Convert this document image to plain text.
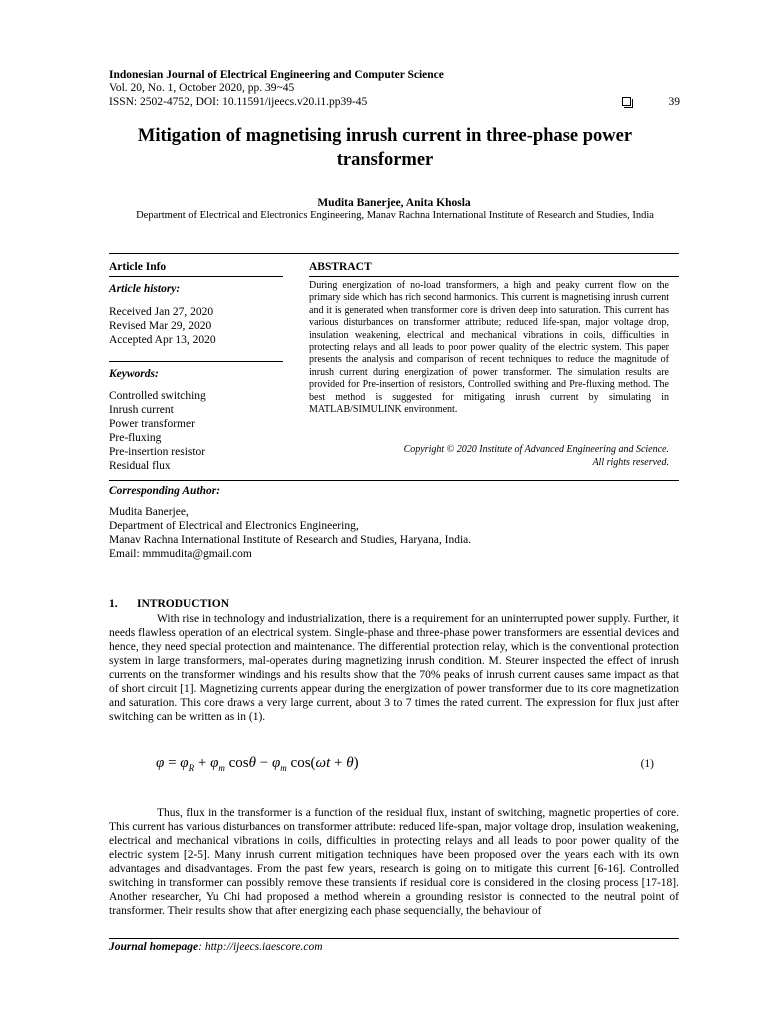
Indonesian Journal of Electrical Engineering and Computer Science
Vol. 20, No. 1, October 2020, pp. 39~45
ISSN: 2502-4752, DOI: 10.11591/ijeecs.v20.i1.pp39-45	39
Mitigation of magnetising inrush current in three-phase power transformer
Mudita Banerjee, Anita Khosla
Department of Electrical and Electronics Engineering, Manav Rachna International Institute of Research and Studies, India
Article Info
Article history:
Received Jan 27, 2020
Revised Mar 29, 2020
Accepted Apr 13, 2020
Keywords:
Controlled switching
Inrush current
Power transformer
Pre-fluxing
Pre-insertion resistor
Residual flux
ABSTRACT
During energization of no-load transformers, a high and peaky current flow on the primary side which has rich second harmonics. This current is magnetising inrush current and it is generated when transformer core is driven deep into saturation. This current has various disturbances on transformer attribute; reduced life-span, major voltage drop, insulation weakening, electrical and mechanical vibrations in coils, difficulties in protecting relays and all leads to poor power quality of the electric system. This paper presents the analysis and comparison of recent techniques to reduce the magnitude of inrush current during energization of power transformer. The simulation results are provided for Pre-insertion of resistors, Controlled swithing and Pre-fluxing method. The best method is suggested for mitigating inrush current by simulating in MATLAB/SIMULINK environment.
Copyright © 2020 Institute of Advanced Engineering and Science.
All rights reserved.
Corresponding Author:
Mudita Banerjee,
Department of Electrical and Electronics Engineering,
Manav Rachna International Institute of Research and Studies, Haryana, India.
Email: mmmudita@gmail.com
1. INTRODUCTION
With rise in technology and industrialization, there is a requirement for an uninterrupted power supply. Further, it needs flawless operation of an electrical system. Single-phase and three-phase power transformers are essential devices and hence, they need special protection and maintenance. The differential protection relay, which is the conventional protection system in large transformers, mal-operates during magnetizing inrush condition. M. Steurer inspected the effect of inrush currents on the transformer windings and his results show that the 70% peaks of inrush current causes same impact as that of short circuit [1]. Magnetizing currents appear during the energization of power transformer due to its core magnetization and saturation. This core draws a very large current, about 3 to 7 times the rated current. The expression for flux just after switching can be written as in (1).
$\varphi = \varphi_R + \varphi_m$ $\cos\theta - \varphi_m$ cos(ωt + θ)	(1)
Thus, flux in the transformer is a function of the residual flux, instant of switching, magnetic properties of core. This current has various disturbances on transformer attribute: reduced life-span, major voltage drop, insulation weakening, electrical and mechanical vibrations in coils, difficulties in protecting relays and all leads to poor power quality of the electric system [2-5]. Many inrush current mitigation techniques have been proposed over the years each with its own advantages and disadvantages. From the past few years, research is going on to mitigate this current [6-16]. Controlled switching in transformer can possibly remove these transients if residual core is considered in the closing process [17-18]. Another researcher, Yu Chi had proposed a method wherein a grounding resistor is connected to the neutral point of transformer. Their results show that after energizing each phase sequencially, the behaviour of
Journal homepage: http://ijeecs.iaescore.com
